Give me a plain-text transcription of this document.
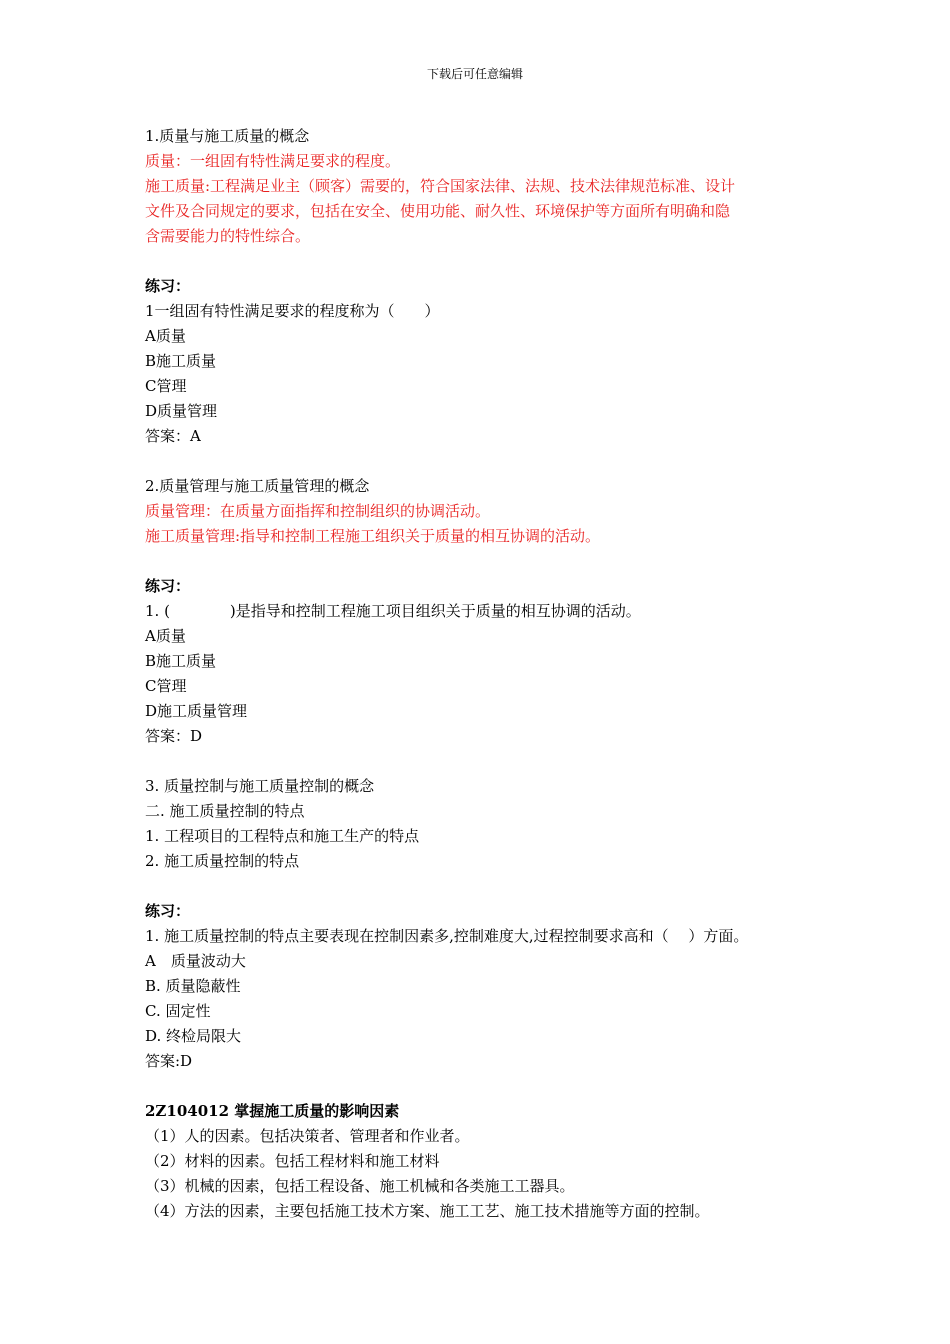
下载后可任意编辑
1.质量与施工质量的概念
质量：一组固有特性满足要求的程度。
施工质量:工程满足业主（顾客）需要的，符合国家法律、法规、技术法律规范标准、设计
文件及合同规定的要求，包括在安全、使用功能、耐久性、环境保护等方面所有明确和隐
含需要能力的特性综合。
练习：
1一组固有特性满足要求的程度称为（　　）
A质量
B施工质量
C管理
D质量管理
答案：A
2.质量管理与施工质量管理的概念
质量管理：在质量方面指挥和控制组织的协调活动。
施工质量管理:指导和控制工程施工组织关于质量的相互协调的活动。
练习：
1. (　　　　)是指导和控制工程施工项目组织关于质量的相互协调的活动。
A质量
B施工质量
C管理
D施工质量管理
答案：D
3. 质量控制与施工质量控制的概念
二. 施工质量控制的特点
1. 工程项目的工程特点和施工生产的特点
2. 施工质量控制的特点
练习：
1. 施工质量控制的特点主要表现在控制因素多,控制难度大,过程控制要求高和（　 ）方面。
A　质量波动大
B. 质量隐蔽性
C. 固定性
D. 终检局限大
答案:D
2Z104012 掌握施工质量的影响因素
（1）人的因素。包括决策者、管理者和作业者。
（2）材料的因素。包括工程材料和施工材料
（3）机械的因素，包括工程设备、施工机械和各类施工工器具。
（4）方法的因素，主要包括施工技术方案、施工工艺、施工技术措施等方面的控制。
